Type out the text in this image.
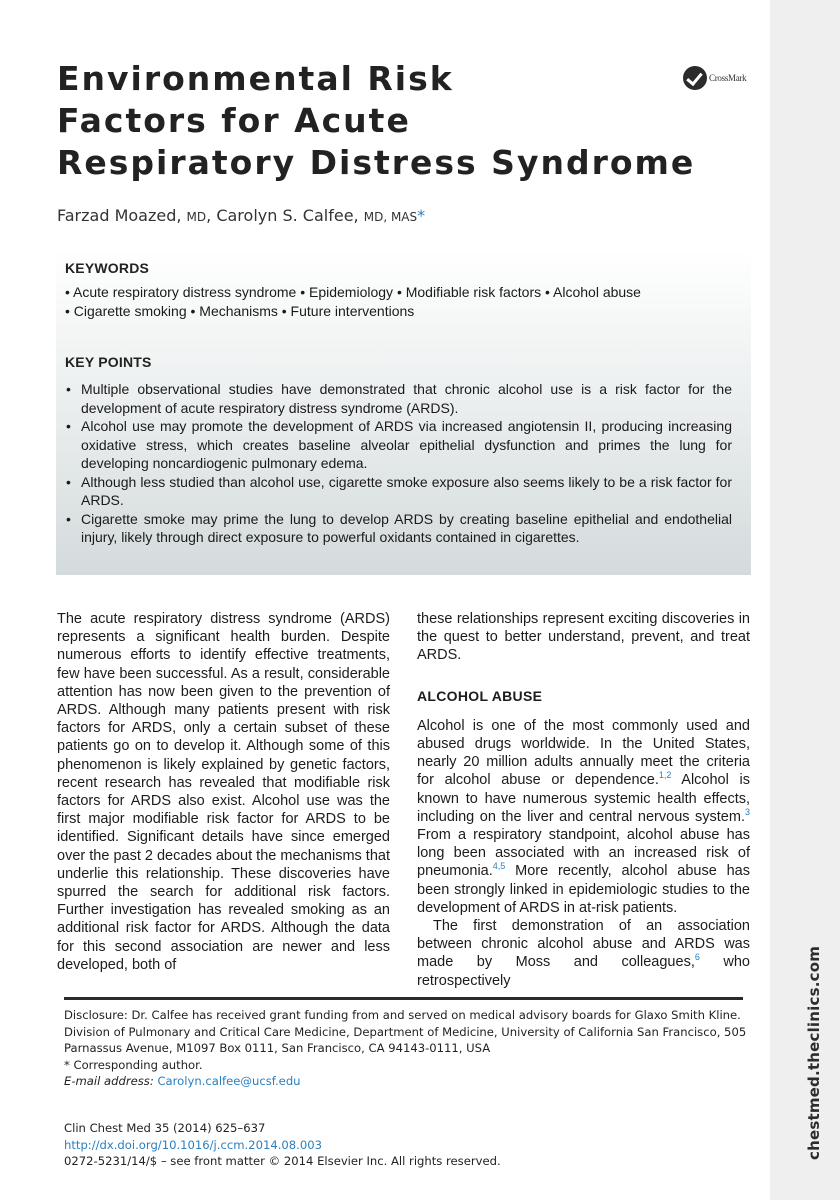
chestmed.theclinics.com
Environmental Risk
Factors for Acute
Respiratory Distress Syndrome
CrossMark
Farzad Moazed, MD, Carolyn S. Calfee, MD, MAS*
KEYWORDS
• Acute respiratory distress syndrome • Epidemiology • Modifiable risk factors • Alcohol abuse
• Cigarette smoking • Mechanisms • Future interventions
KEY POINTS
• Multiple observational studies have demonstrated that chronic alcohol use is a risk factor for the development of acute respiratory distress syndrome (ARDS).
• Alcohol use may promote the development of ARDS via increased angiotensin II, producing increasing oxidative stress, which creates baseline alveolar epithelial dysfunction and primes the lung for developing noncardiogenic pulmonary edema.
• Although less studied than alcohol use, cigarette smoke exposure also seems likely to be a risk factor for ARDS.
• Cigarette smoke may prime the lung to develop ARDS by creating baseline epithelial and endothelial injury, likely through direct exposure to powerful oxidants contained in cigarettes.

The acute respiratory distress syndrome (ARDS) represents a significant health burden. Despite numerous efforts to identify effective treatments, few have been successful. As a result, considerable attention has now been given to the prevention of ARDS. Although many patients present with risk factors for ARDS, only a certain subset of these patients go on to develop it. Although some of this phenomenon is likely explained by genetic factors, recent research has revealed that modifiable risk factors for ARDS also exist. Alcohol use was the first major modifiable risk factor for ARDS to be identified. Significant details have since emerged over the past 2 decades about the mechanisms that underlie this relationship. These discoveries have spurred the search for additional risk factors. Further investigation has revealed smoking as an additional risk factor for ARDS. Although the data for this second association are newer and less developed, both of

these relationships represent exciting discoveries in the quest to better understand, prevent, and treat ARDS.

ALCOHOL ABUSE

Alcohol is one of the most commonly used and abused drugs worldwide. In the United States, nearly 20 million adults annually meet the criteria for alcohol abuse or dependence.$^{1,2}$ Alcohol is known to have numerous systemic health effects, including on the liver and central nervous system.$^3$ From a respiratory standpoint, alcohol abuse has long been associated with an increased risk of pneumonia.$^{4,5}$ More recently, alcohol abuse has been strongly linked in epidemiologic studies to the development of ARDS in at-risk patients.

The first demonstration of an association between chronic alcohol abuse and ARDS was made by Moss and colleagues,$^6$ who retrospectively

Disclosure: Dr. Calfee has received grant funding from and served on medical advisory boards for Glaxo Smith Kline.

Division of Pulmonary and Critical Care Medicine, Department of Medicine, University of California San Francisco, 505 Parnassus Avenue, M1097 Box 0111, San Francisco, CA 94143-0111, USA

* Corresponding author.

E-mail address: Carolyn.calfee@ucsf.edu

Clin Chest Med 35 (2014) 625–637

http://dx.doi.org/10.1016/j.ccm.2014.08.003

0272-5231/14/$ – see front matter © 2014 Elsevier Inc. All rights reserved.
